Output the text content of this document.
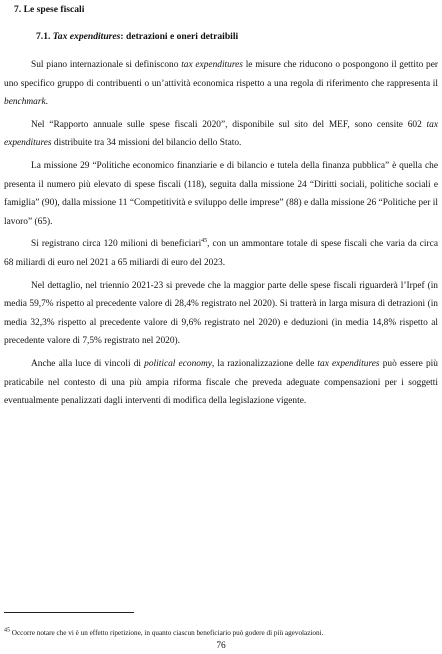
7. Le spese fiscali
7.1. Tax expenditures: detrazioni e oneri detraibili

Sul piano internazionale si definiscono tax expenditures le misure che riducono o pospongono il gettito per uno specifico gruppo di contribuenti o un’attività economica rispetto a una regola di riferimento che rappresenta il benchmark.

Nel “Rapporto annuale sulle spese fiscali 2020”, disponibile sul sito del MEF, sono censite 602 tax expenditures distribuite tra 34 missioni del bilancio dello Stato.

La missione 29 “Politiche economico finanziarie e di bilancio e tutela della finanza pubblica” è quella che presenta il numero più elevato di spese fiscali (118), seguita dalla missione 24 “Diritti sociali, politiche sociali e famiglia” (90), dalla missione 11 “Competitività e sviluppo delle imprese” (88) e dalla missione 26 “Politiche per il lavoro” (65).

Si registrano circa 120 milioni di beneficiari$^{45}$, con un ammontare totale di spese fiscali che varia da circa 68 miliardi di euro nel 2021 a 65 miliardi di euro del 2023.

Nel dettaglio, nel triennio 2021-23 si prevede che la maggior parte delle spese fiscali riguarderà l’Irpef (in media 59,7% rispetto al precedente valore di 28,4% registrato nel 2020). Si tratterà in larga misura di detrazioni (in media 32,3% rispetto al precedente valore di 9,6% registrato nel 2020) e deduzioni (in media 14,8% rispetto al precedente valore di 7,5% registrato nel 2020).

Anche alla luce di vincoli di political economy, la razionalizzazione delle tax expenditures può essere più praticabile nel contesto di una più ampia riforma fiscale che preveda adeguate compensazioni per i soggetti eventualmente penalizzati dagli interventi di modifica della legislazione vigente.

$^{45}$ Occorre notare che vi è un effetto ripetizione, in quanto ciascun beneficiario può godere di più agevolazioni.
76
